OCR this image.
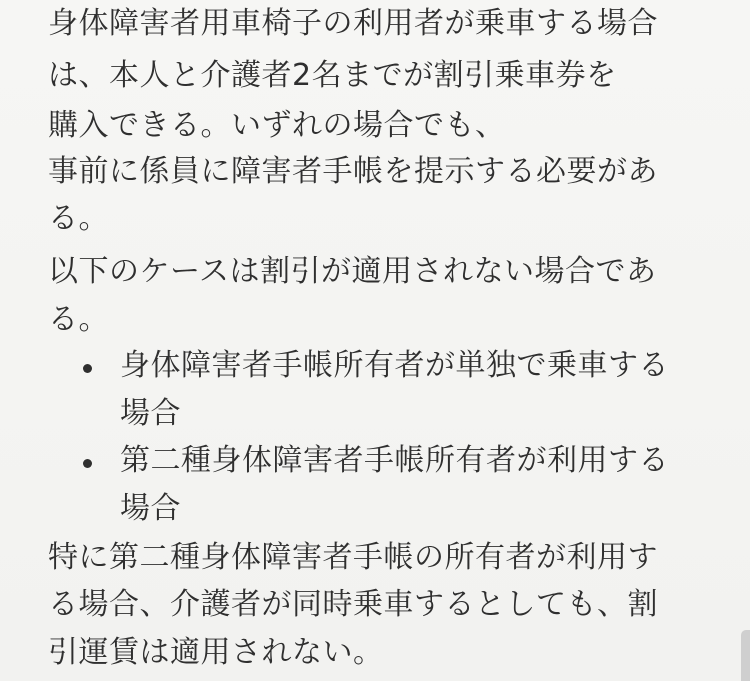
身体障害者用車椅子の利用者が乗車する場合
は、本人と介護者2名までが割引乗車券を
購入できる。いずれの場合でも、
事前に係員に障害者手帳を提示する必要があ
る。
以下のケースは割引が適用されない場合であ
る。
身体障害者手帳所有者が単独で乗車する
場合
第二種身体障害者手帳所有者が利用する
場合
特に第二種身体障害者手帳の所有者が利用す
る場合、介護者が同時乗車するとしても、割
引運賃は適用されない。
